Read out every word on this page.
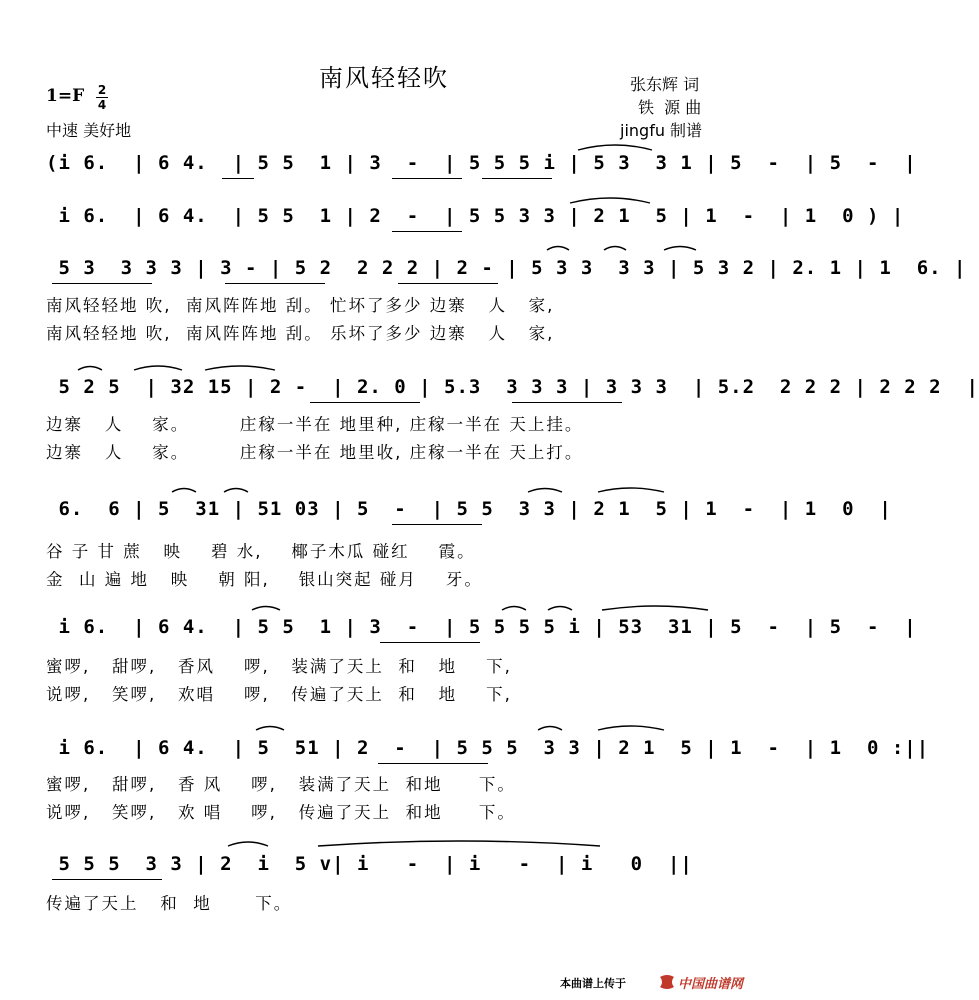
南风轻轻吹	张东辉 词
铁  源 曲
jingfu 制谱
1=F 2
4
中速 美好地
(i 6.  | 6 4.  | 5 5  1 | 3  -  | 5 5 5 i | 5 3  3 1 | 5  -  | 5  -  |
i 6.  | 6 4.  | 5 5  1 | 2  -  | 5 5 3 3 | 2 1  5 | 1  -  | 1  0 ) |
5 3  3 3 3 | 3 - | 5 2  2 2 2 | 2 - | 5 3 3  3 3 | 5 3 2 | 2. 1 | 1  6. |
南风轻轻地 吹,  南风阵阵地 刮。 忙坏了多少 边寨   人   家,
南风轻轻地 吹,  南风阵阵地 刮。 乐坏了多少 边寨   人   家,
5 2 5  | 32 15 | 2 -  | 2. 0 | 5.3  3 3 3 | 3 3 3  | 5.2  2 2 2 | 2 2 2  |
边寨   人    家。       庄稼一半在 地里种, 庄稼一半在 天上挂。
边寨   人    家。       庄稼一半在 地里收, 庄稼一半在 天上打。
6.  6 | 5  31 | 51 03 | 5  -  | 5 5  3 3 | 2 1  5 | 1  -  | 1  0  |
谷 子 甘 蔗   映    碧 水,    椰子木瓜 碰红    霞。
金  山 遍 地   映    朝 阳,    银山突起 碰月    牙。
i 6.  | 6 4.  | 5 5  1 | 3  -  | 5 5 5 5 i | 53  31 | 5  -  | 5  -  |
蜜啰,   甜啰,   香风    啰,   装满了天上  和   地    下,
说啰,   笑啰,   欢唱    啰,   传遍了天上  和   地    下,
i 6.  | 6 4.  | 5  51 | 2  -  | 5 5 5  3 3 | 2 1  5 | 1  -  | 1  0 :||
蜜啰,   甜啰,   香 风    啰,   装满了天上  和地     下。
说啰,   笑啰,   欢 唱    啰,   传遍了天上  和地     下。
5 5 5  3 3 | 2  i  5 v| i   -  | i   -  | i   0  ||
传遍了天上   和  地      下。
本曲谱上传于	中国曲谱网
